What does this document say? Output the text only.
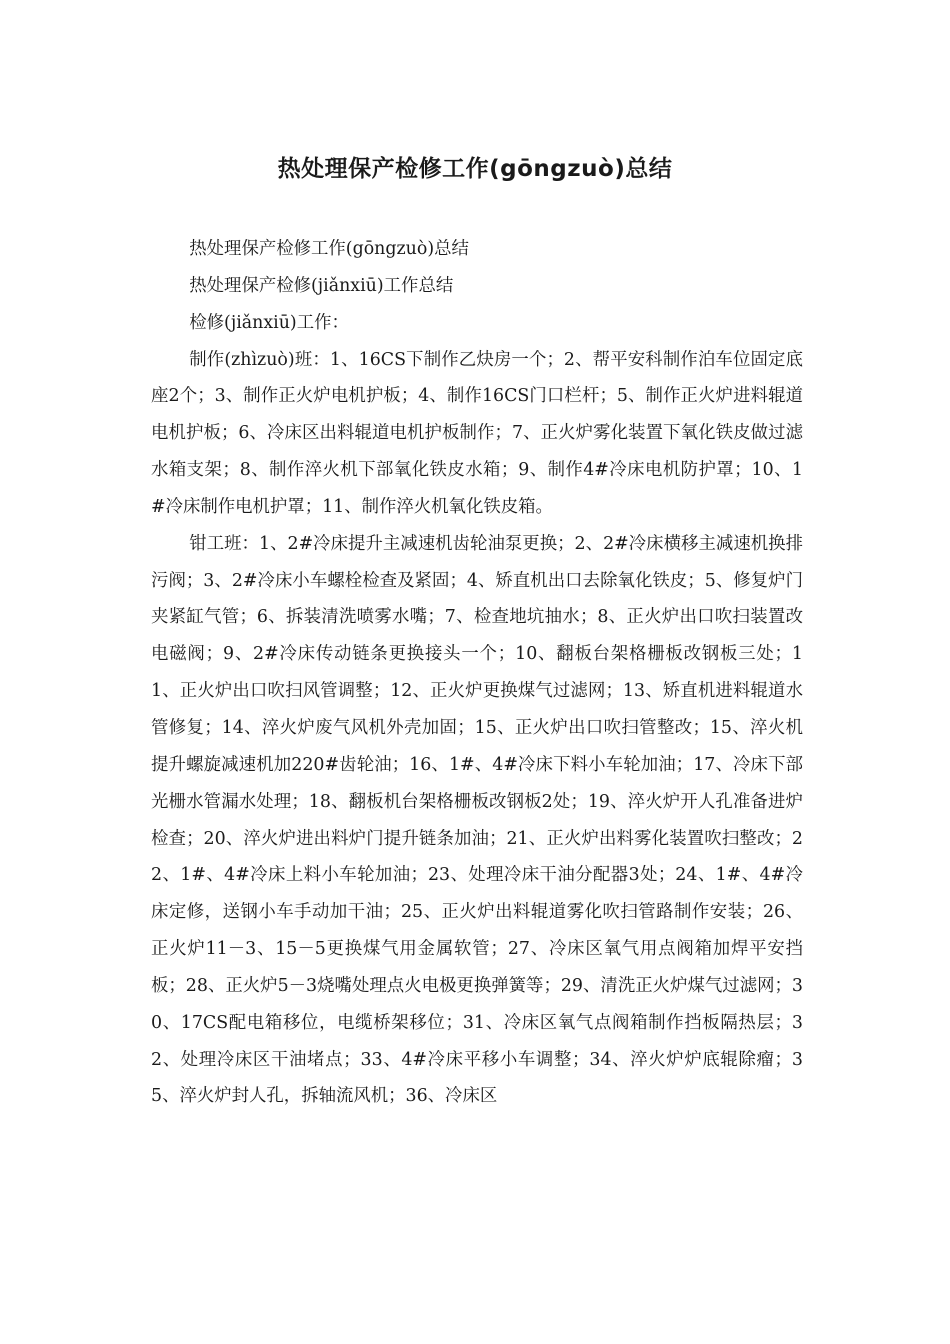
热处理保产检修工作(gōngzuò)总结

热处理保产检修工作(gōngzuò)总结

热处理保产检修(jiǎnxiū)工作总结

检修(jiǎnxiū)工作：

制作(zhìzuò)班：1、16CS下制作乙炔房一个；2、帮平安科制作泊车位固定底座2个；3、制作正火炉电机护板；4、制作16CS门口栏杆；5、制作正火炉进料辊道电机护板；6、冷床区出料辊道电机护板制作；7、正火炉雾化装置下氧化铁皮做过滤水箱支架；8、制作淬火机下部氧化铁皮水箱；9、制作4#冷床电机防护罩；10、1#冷床制作电机护罩；11、制作淬火机氧化铁皮箱。

钳工班：1、2#冷床提升主减速机齿轮油泵更换；2、2#冷床横移主减速机换排污阀；3、2#冷床小车螺栓检查及紧固；4、矫直机出口去除氧化铁皮；5、修复炉门夹紧缸气管；6、拆装清洗喷雾水嘴；7、检查地坑抽水；8、正火炉出口吹扫装置改电磁阀；9、2#冷床传动链条更换接头一个；10、翻板台架格栅板改钢板三处；11、正火炉出口吹扫风管调整；12、正火炉更换煤气过滤网；13、矫直机进料辊道水管修复；14、淬火炉废气风机外壳加固；15、正火炉出口吹扫管整改；15、淬火机提升螺旋减速机加220#齿轮油；16、1#、4#冷床下料小车轮加油；17、冷床下部光栅水管漏水处理；18、翻板机台架格栅板改钢板2处；19、淬火炉开人孔准备进炉检查；20、淬火炉进出料炉门提升链条加油；21、正火炉出料雾化装置吹扫整改；22、1#、4#冷床上料小车轮加油；23、处理冷床干油分配器3处；24、1#、4#冷床定修，送钢小车手动加干油；25、正火炉出料辊道雾化吹扫管路制作安装；26、正火炉11－3、15－5更换煤气用金属软管；27、冷床区氧气用点阀箱加焊平安挡板；28、正火炉5－3烧嘴处理点火电极更换弹簧等；29、清洗正火炉煤气过滤网；30、17CS配电箱移位，电缆桥架移位；31、冷床区氧气点阀箱制作挡板隔热层；32、处理冷床区干油堵点；33、4#冷床平移小车调整；34、淬火炉炉底辊除瘤；35、淬火炉封人孔，拆轴流风机；36、冷床区
